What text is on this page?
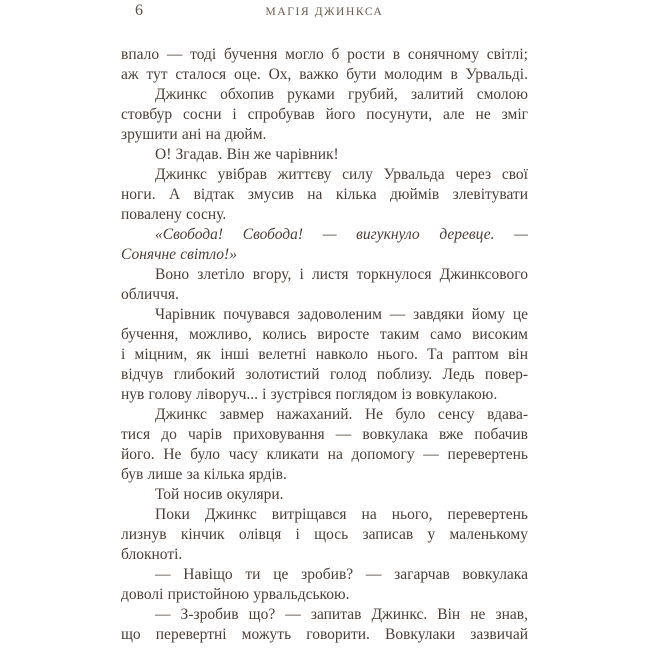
6	МАГІЯ ДЖИНКСА
впало — тоді бучення могло б рости в сонячному світлі;
аж тут сталося оце. Ох, важко бути молодим в Урвальді.
Джинкс обхопив руками грубий, залитий смолою
стовбур сосни і спробував його посунути, але не зміг
зрушити ані на дюйм.
О! Згадав. Він же чарівник!
Джинкс увібрав життєву силу Урвальда через свої
ноги. А відтак змусив на кілька дюймів злевітувати
повалену сосну.
«Свобода! Свобода! — вигукнуло деревце. —
Сонячне світло!»
Воно злетіло вгору, і листя торкнулося Джинксового
обличчя.
Чарівник почувався задоволеним — завдяки йому це
бучення, можливо, колись виросте таким само високим
і міцним, як інші велетні навколо нього. Та раптом він
відчув глибокий золотистий голод поблизу. Ледь повер-
нув голову ліворуч... і зустрівся поглядом із вовкулакою.
Джинкс завмер нажаханий. Не було сенсу вдава-
тися до чарів приховування — вовкулака вже побачив
його. Не було часу кликати на допомогу — перевертень
був лише за кілька ярдів.
Той носив окуляри.
Поки Джинкс витріщався на нього, перевертень
лизнув кінчик олівця і щось записав у маленькому
блокноті.
— Навіщо ти це зробив? — загарчав вовкулака
доволі пристойною урвальдською.
— З-зробив що? — запитав Джинкс. Він не знав,
що перевертні можуть говорити. Вовкулаки зазвичай
